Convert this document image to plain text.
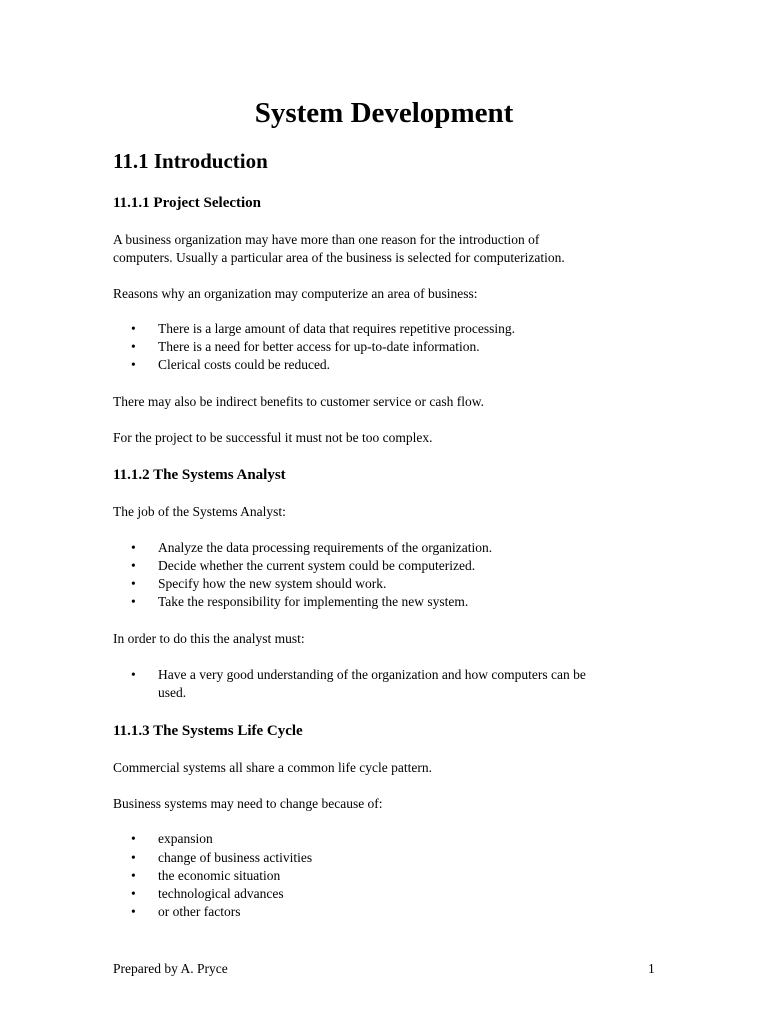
System Development
11.1 Introduction
11.1.1 Project Selection

A business organization may have more than one reason for the introduction of

computers. Usually a particular area of the business is selected for computerization.

Reasons why an organization may computerize an area of business:

• There is a large amount of data that requires repetitive processing.
• There is a need for better access for up-to-date information.
• Clerical costs could be reduced.

There may also be indirect benefits to customer service or cash flow.

For the project to be successful it must not be too complex.

11.1.2 The Systems Analyst

The job of the Systems Analyst:

• Analyze the data processing requirements of the organization.
• Decide whether the current system could be computerized.
• Specify how the new system should work.
• Take the responsibility for implementing the new system.

In order to do this the analyst must:

• Have a very good understanding of the organization and how computers can be
used.
11.1.3 The Systems Life Cycle

Commercial systems all share a common life cycle pattern.

Business systems may need to change because of:

• expansion
• change of business activities
• the economic situation
• technological advances
• or other factors
Prepared by A. Pryce	1
